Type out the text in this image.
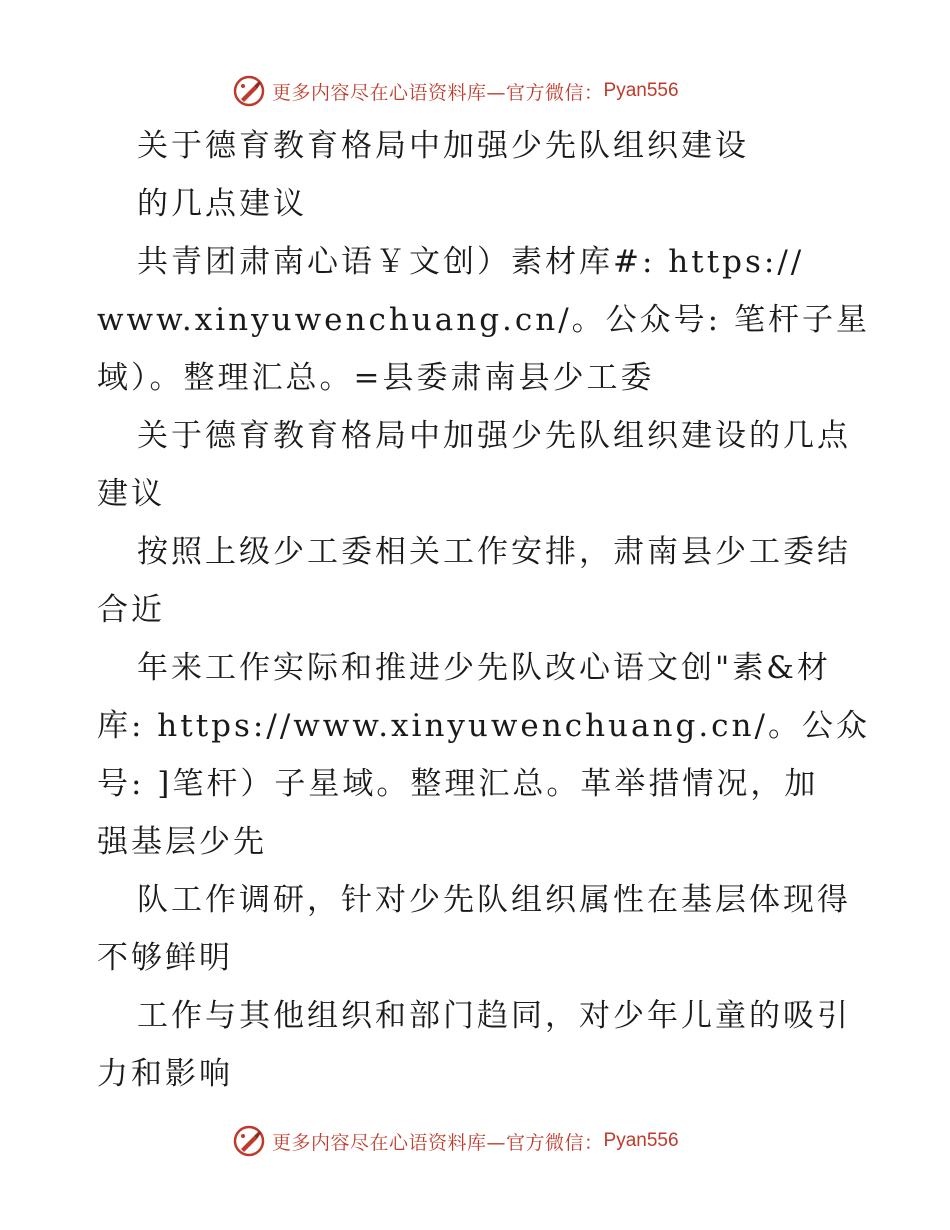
更多内容尽在心语资料库—官方微信： Pyan556
关于德育教育格局中加强少先队组织建设
的几点建议
共青团肃南心语￥文创）素材库#: https://
www.xinyuwenchuang.cn/。公众号: 笔杆子星
域）。整理汇总。=县委肃南县少工委
关于德育教育格局中加强少先队组织建设的几点
建议
按照上级少工委相关工作安排，肃南县少工委结
合近
年来工作实际和推进少先队改心语文创"素&材
库: https://www.xinyuwenchuang.cn/。公众
号: ]笔杆）子星域。整理汇总。革举措情况，加
强基层少先
队工作调研，针对少先队组织属性在基层体现得
不够鲜明
工作与其他组织和部门趋同，对少年儿童的吸引
力和影响
更多内容尽在心语资料库—官方微信： Pyan556
